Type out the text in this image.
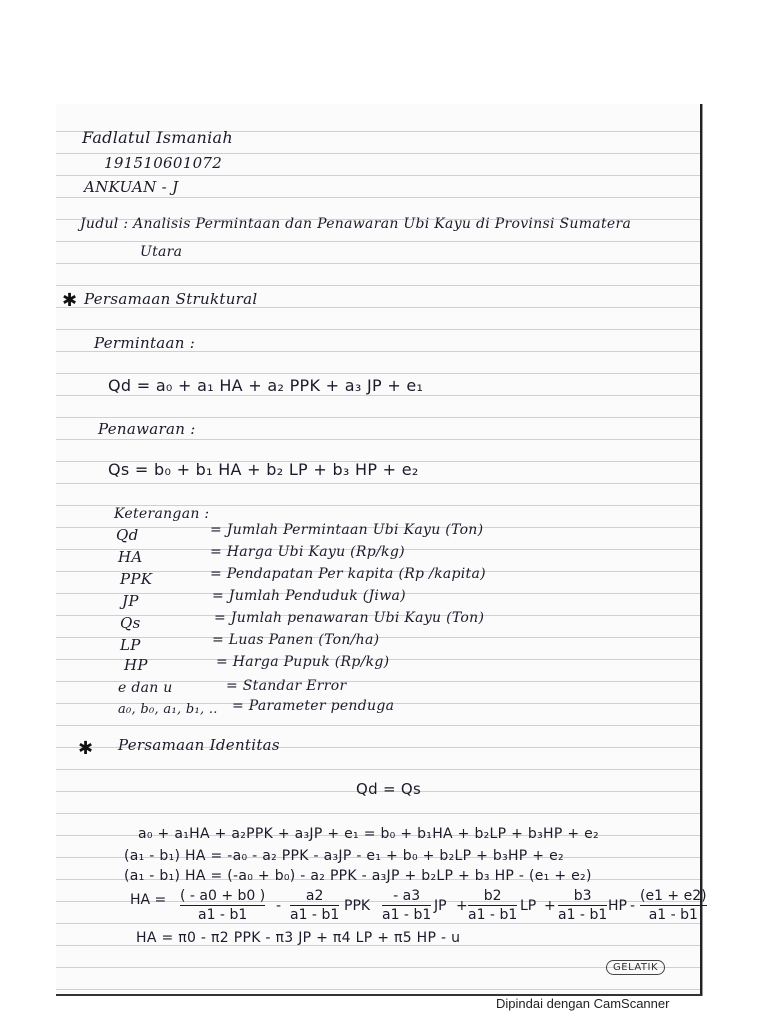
Fadlatul Ismaniah
191510601072
ANKUAN - J
Judul : Analisis Permintaan dan Penawaran Ubi Kayu di Provinsi Sumatera
Utara
✱ Persamaan Struktural
Permintaan :
Qd = a₀ + a₁ HA + a₂ PPK + a₃ JP + e₁
Penawaran :
Qs = b₀ + b₁ HA + b₂ LP + b₃ HP + e₂
Keterangan :
Qd	= Jumlah Permintaan Ubi Kayu (Ton)
HA	= Harga Ubi Kayu (Rp/kg)
PPK	= Pendapatan Per kapita (Rp /kapita)
JP	= Jumlah Penduduk (Jiwa)
Qs	= Jumlah penawaran Ubi Kayu (Ton)
LP	= Luas Panen (Ton/ha)
HP	= Harga Pupuk (Rp/kg)
e dan u	= Standar Error
a₀, b₀, a₁, b₁, .. = Parameter penduga
✱ Persamaan Identitas
Qd = Qs
a₀ + a₁HA + a₂PPK + a₃JP + e₁ = b₀ + b₁HA + b₂LP + b₃HP + e₂
(a₁ - b₁) HA = -a₀ - a₂ PPK - a₃JP - e₁ + b₀ + b₂LP + b₃HP + e₂
(a₁ - b₁) HA = (-a₀ + b₀) - a₂ PPK - a₃JP + b₂LP + b₃ HP - (e₁ + e₂)
HA = ( - a0 + b0 )
a1 - b1
-
a2
a1 - b1
PPK
- a3
a1 - b1
JP +
b2
a1 - b1
LP +
b3
a1 - b1
HP -
(e1 + e2)
a1 - b1
HA = π0 - π2 PPK - π3 JP + π4 LP + π5 HP - u
GELATIK
Dipindai dengan CamScanner
